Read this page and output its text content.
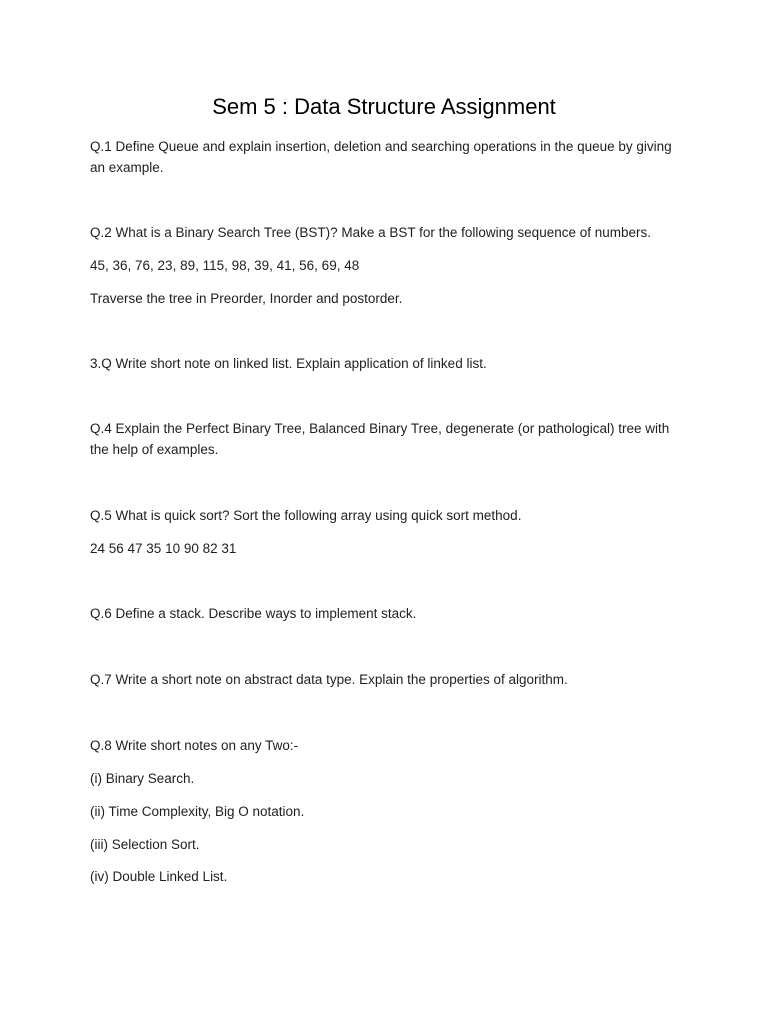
Sem 5 : Data Structure Assignment
Q.1 Define Queue and explain insertion, deletion and searching operations in the queue by giving an example.
Q.2 What is a Binary Search Tree (BST)? Make a BST for the following sequence of numbers.
45, 36, 76, 23, 89, 115, 98, 39, 41, 56, 69, 48
Traverse the tree in Preorder, Inorder and postorder.
3.Q Write short note on linked list. Explain application of linked list.
Q.4 Explain the Perfect Binary Tree, Balanced Binary Tree, degenerate (or pathological) tree with the help of examples.
Q.5 What is quick sort? Sort the following array using quick sort method.
24 56 47 35 10 90 82 31
Q.6 Define a stack. Describe ways to implement stack.
Q.7 Write a short note on abstract data type. Explain the properties of algorithm.
Q.8 Write short notes on any Two:-
(i) Binary Search.
(ii) Time Complexity, Big O notation.
(iii) Selection Sort.
(iv) Double Linked List.
